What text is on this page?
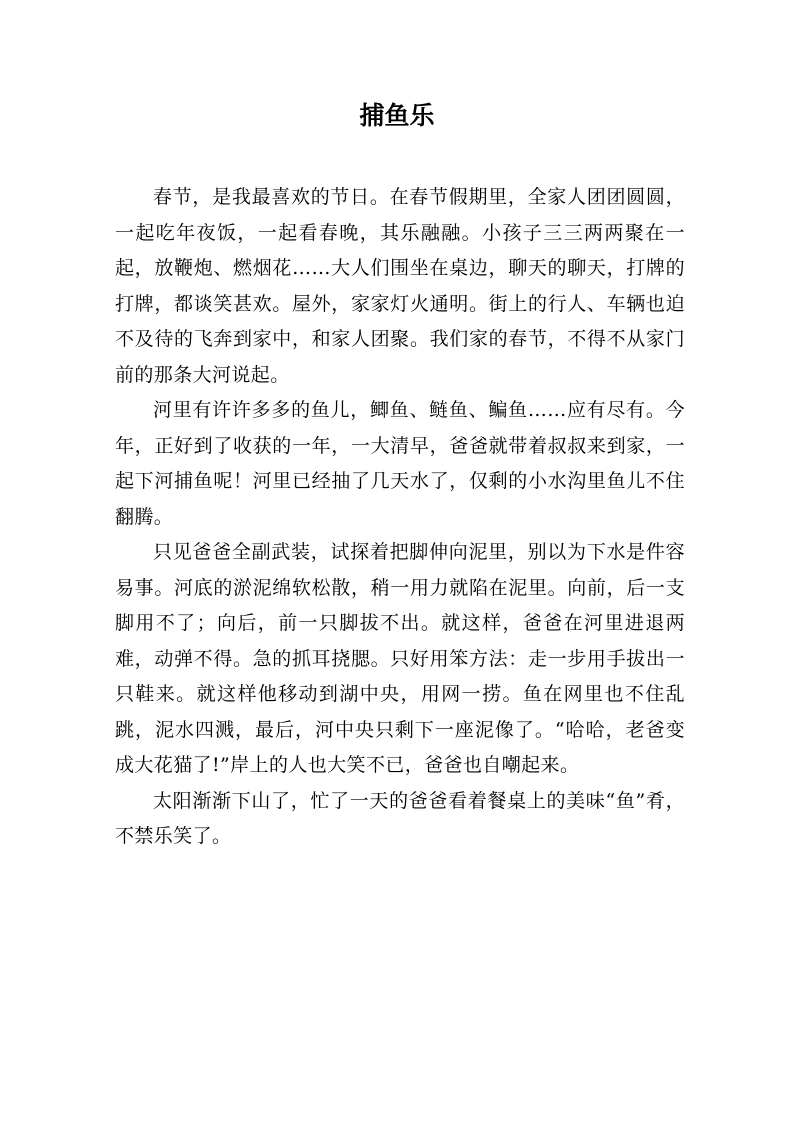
捕鱼乐

春节，是我最喜欢的节日。在春节假期里，全家人团团圆圆，一起吃年夜饭，一起看春晚，其乐融融。小孩子三三两两聚在一起，放鞭炮、燃烟花……大人们围坐在桌边，聊天的聊天，打牌的打牌，都谈笑甚欢。屋外，家家灯火通明。街上的行人、车辆也迫不及待的飞奔到家中，和家人团聚。我们家的春节，不得不从家门前的那条大河说起。

河里有许许多多的鱼儿，鲫鱼、鲢鱼、鳊鱼……应有尽有。今年，正好到了收获的一年，一大清早，爸爸就带着叔叔来到家，一起下河捕鱼呢！河里已经抽了几天水了，仅剩的小水沟里鱼儿不住翻腾。

只见爸爸全副武装，试探着把脚伸向泥里，别以为下水是件容易事。河底的淤泥绵软松散，稍一用力就陷在泥里。向前，后一支脚用不了；向后，前一只脚拔不出。就这样，爸爸在河里进退两难，动弹不得。急的抓耳挠腮。只好用笨方法：走一步用手拔出一只鞋来。就这样他移动到湖中央，用网一捞。鱼在网里也不住乱跳，泥水四溅，最后，河中央只剩下一座泥像了。“哈哈，老爸变成大花猫了!”岸上的人也大笑不已，爸爸也自嘲起来。

太阳渐渐下山了，忙了一天的爸爸看着餐桌上的美味“鱼”肴，不禁乐笑了。
